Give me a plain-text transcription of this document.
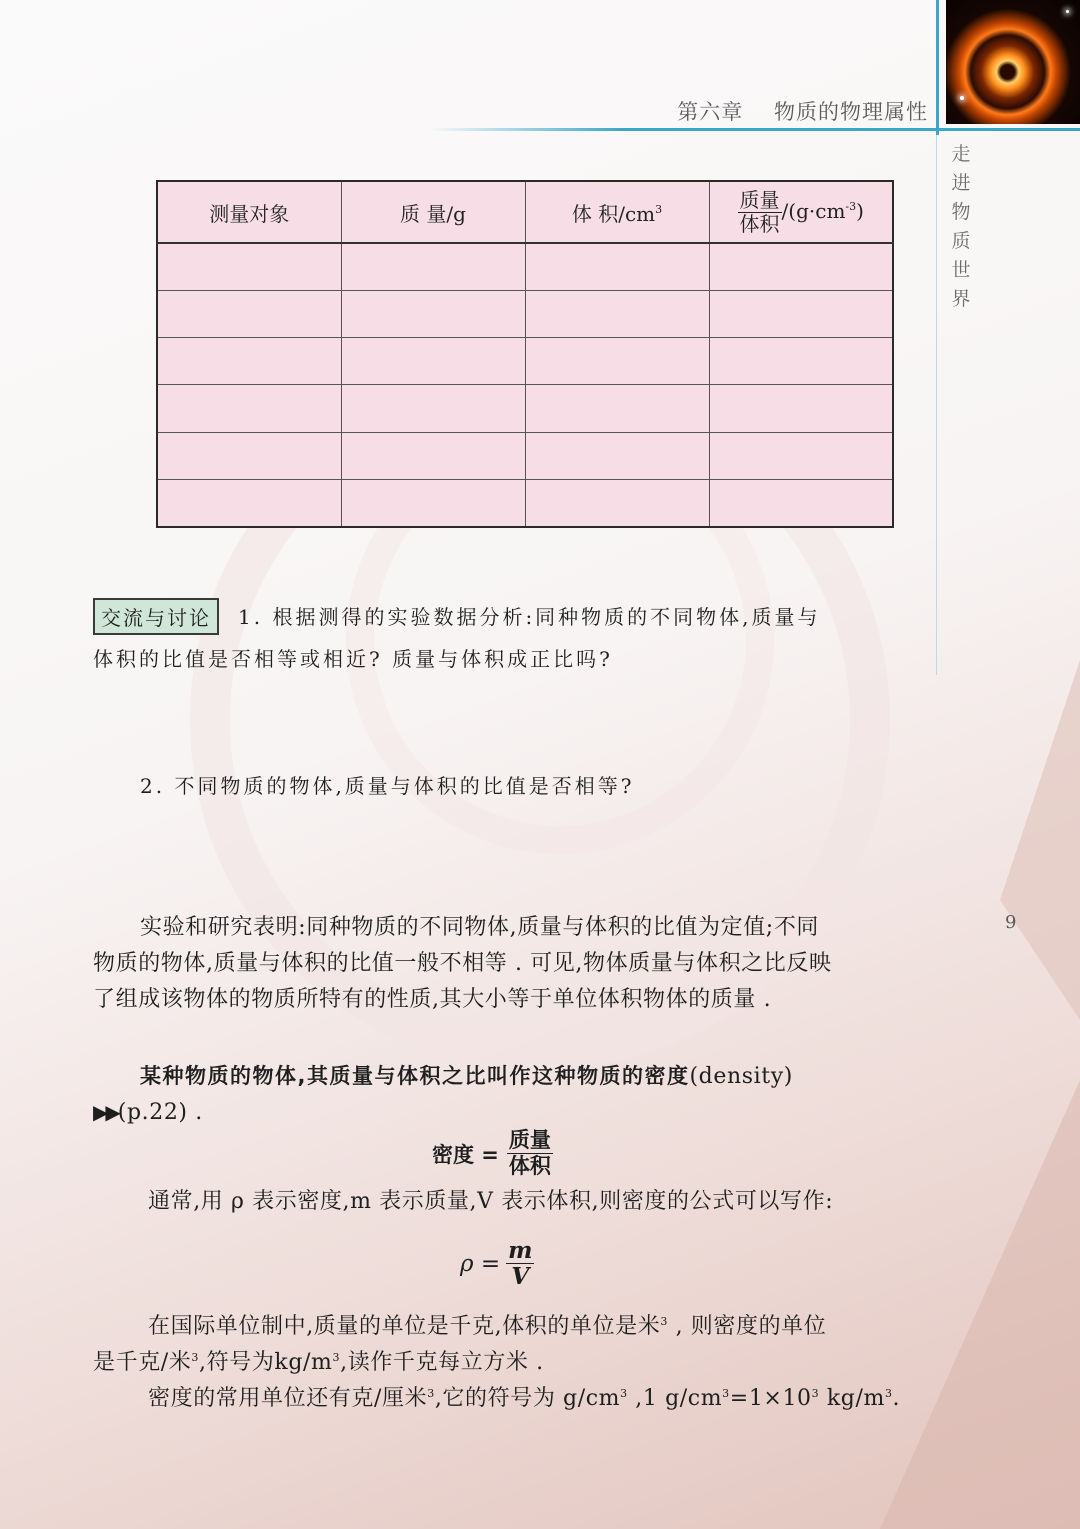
第六章    物质的物理属性
走
进
物
质
世
界
9
测量对象	质 量/g	体 积$/cm^3$	$\frac{\text{质量}}{\text{体积}} /(g\cdot cm^{-3})$

交流与讨论	1. 根据测得的实验数据分析:同种物质的不同物体,质量与
体积的比值是否相等或相近? 质量与体积成正比吗?
2. 不同物质的物体,质量与体积的比值是否相等?
实验和研究表明:同种物质的不同物体,质量与体积的比值为定值;不同
物质的物体,质量与体积的比值一般不相等 . 可见,物体质量与体积之比反映
了组成该物体的物质所特有的性质,其大小等于单位体积物体的质量 .
某种物质的物体,其质量与体积之比叫作这种物质的密度(density)
▶▶(p.22) .
密度 = $\frac{\text{质量}}{\text{体积}}$
通常,用 ρ 表示密度,m 表示质量,V 表示体积,则密度的公式可以写作:
$\rho = \frac{m}{V}$
在国际单位制中,质量的单位是千克,体积的单位是米$^3$ , 则密度的单位
是千克/米$^3$,符号为$kg/m^3$,读作千克每立方米 .
密度的常用单位还有克/厘米$^3$,它的符号为 $g/cm^3$ ,1 $g/cm^3=1\times 10^3$ $kg/m^3$.
